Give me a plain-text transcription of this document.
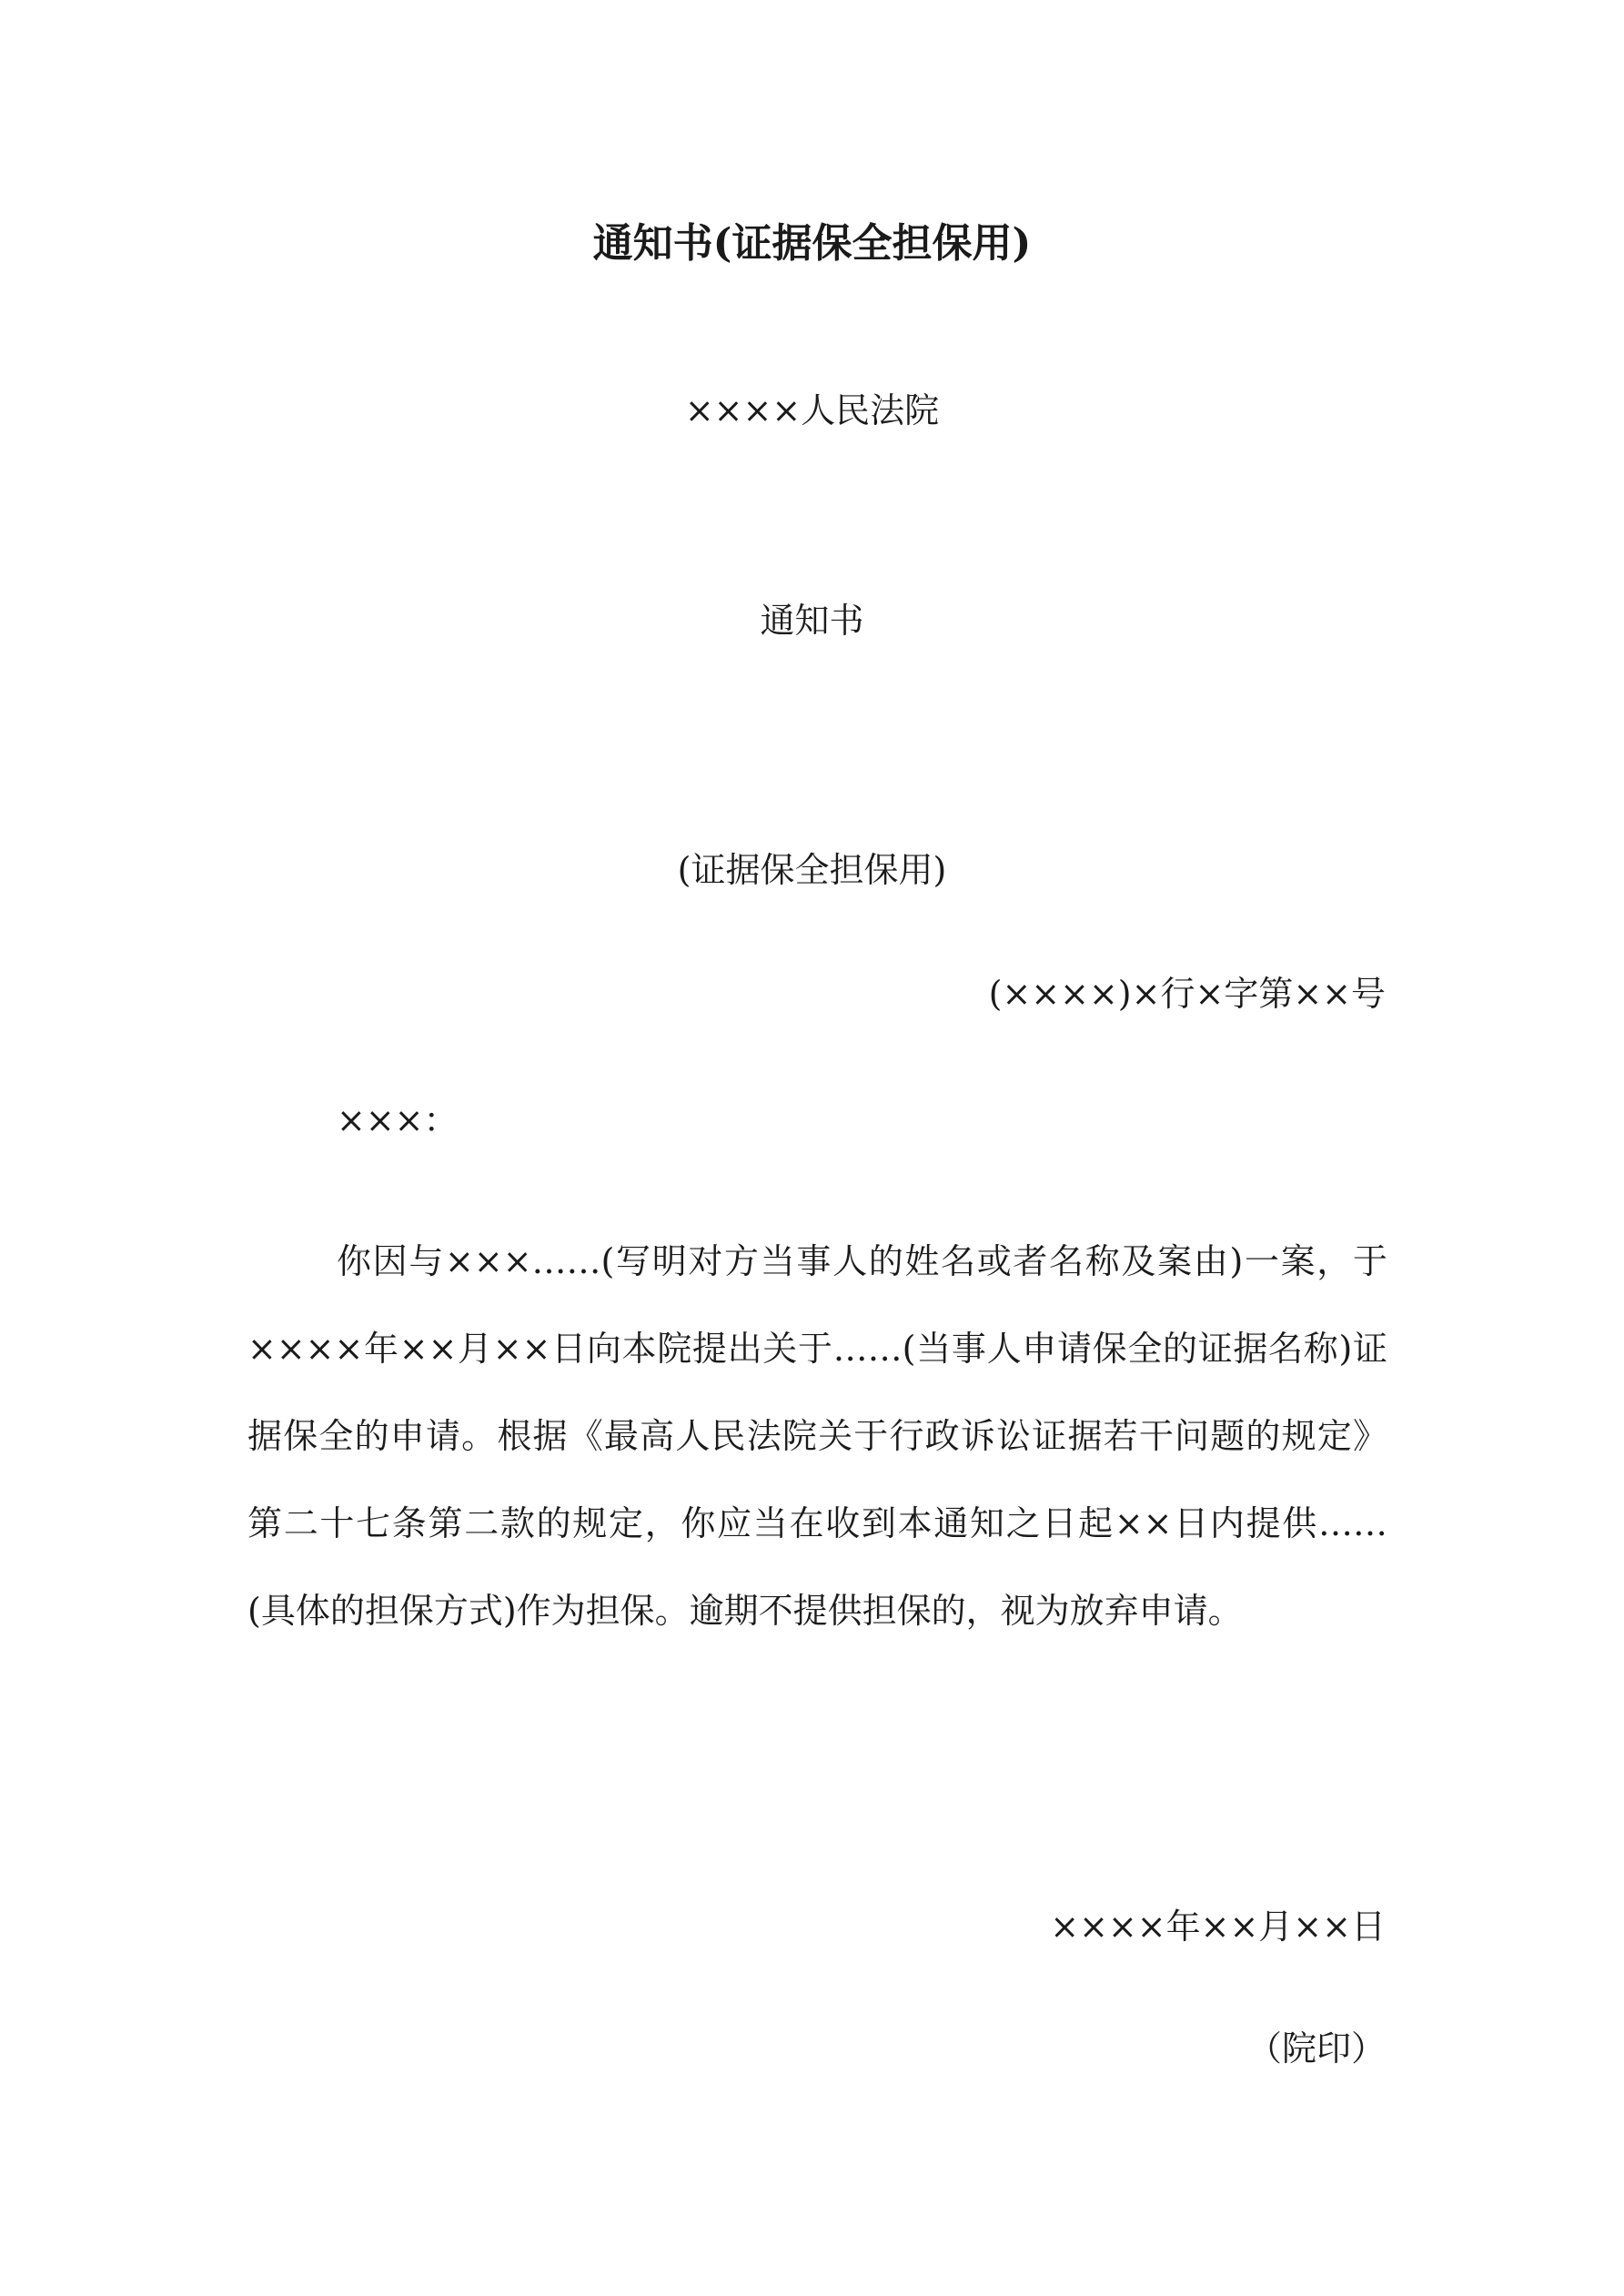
通知书(证据保全担保用)

××××人民法院

通知书

(证据保全担保用)

(××××)×行×字第××号

×××：

你因与×××……(写明对方当事人的姓名或者名称及案由)一案，于××××年××月××日向本院提出关于……(当事人申请保全的证据名称)证据保全的申请。根据《最高人民法院关于行政诉讼证据若干问题的规定》第二十七条第二款的规定，你应当在收到本通知之日起××日内提供……(具体的担保方式)作为担保。逾期不提供担保的，视为放弃申请。

××××年××月××日

（院印）
